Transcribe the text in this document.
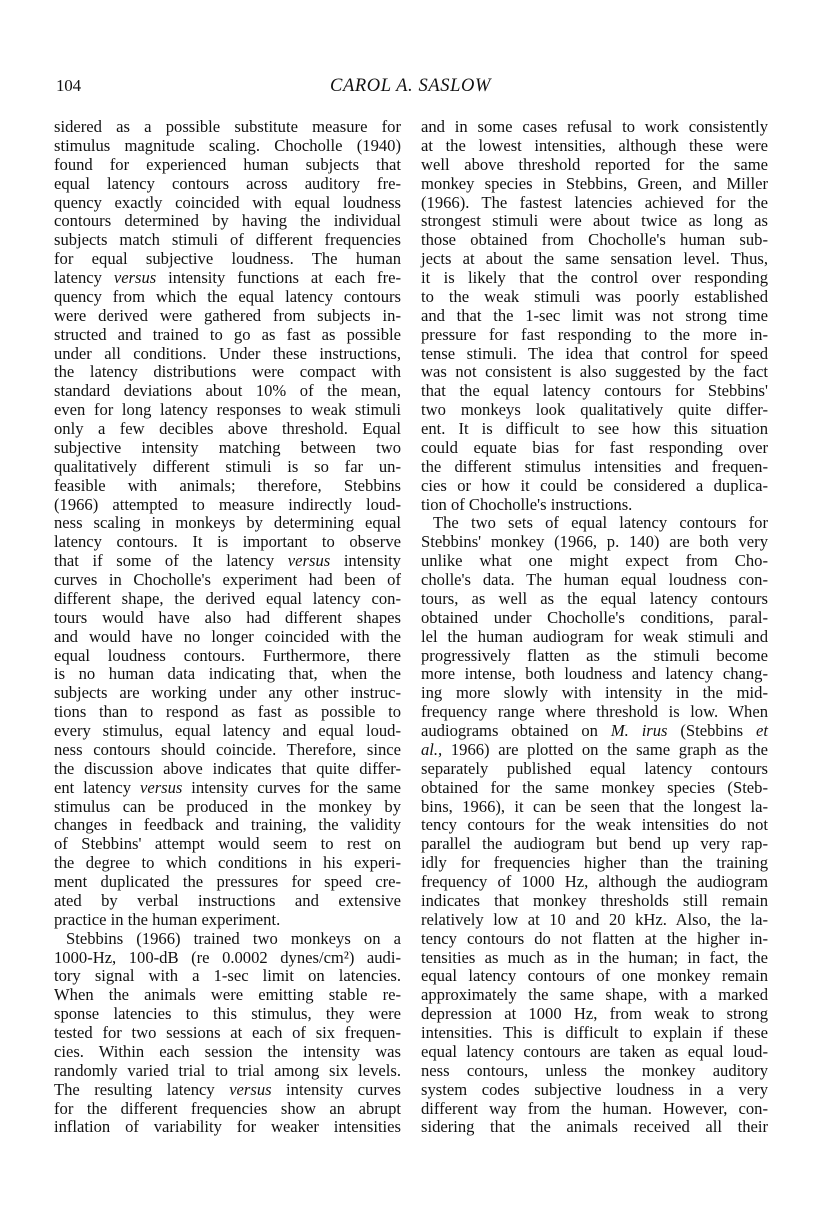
104	CAROL A. SASLOW
sidered as a possible substitute measure for
stimulus magnitude scaling. Chocholle (1940)
found for experienced human subjects that
equal latency contours across auditory fre-
quency exactly coincided with equal loudness
contours determined by having the individual
subjects match stimuli of different frequencies
for equal subjective loudness. The human
latency versus intensity functions at each fre-
quency from which the equal latency contours
were derived were gathered from subjects in-
structed and trained to go as fast as possible
under all conditions. Under these instructions,
the latency distributions were compact with
standard deviations about 10% of the mean,
even for long latency responses to weak stimuli
only a few decibles above threshold. Equal
subjective intensity matching between two
qualitatively different stimuli is so far un-
feasible with animals; therefore, Stebbins
(1966) attempted to measure indirectly loud-
ness scaling in monkeys by determining equal
latency contours. It is important to observe
that if some of the latency versus intensity
curves in Chocholle's experiment had been of
different shape, the derived equal latency con-
tours would have also had different shapes
and would have no longer coincided with the
equal loudness contours. Furthermore, there
is no human data indicating that, when the
subjects are working under any other instruc-
tions than to respond as fast as possible to
every stimulus, equal latency and equal loud-
ness contours should coincide. Therefore, since
the discussion above indicates that quite differ-
ent latency versus intensity curves for the same
stimulus can be produced in the monkey by
changes in feedback and training, the validity
of Stebbins' attempt would seem to rest on
the degree to which conditions in his experi-
ment duplicated the pressures for speed cre-
ated by verbal instructions and extensive
practice in the human experiment.
Stebbins (1966) trained two monkeys on a
1000-Hz, 100-dB (re 0.0002 dynes/cm²) audi-
tory signal with a 1-sec limit on latencies.
When the animals were emitting stable re-
sponse latencies to this stimulus, they were
tested for two sessions at each of six frequen-
cies. Within each session the intensity was
randomly varied trial to trial among six levels.
The resulting latency versus intensity curves
for the different frequencies show an abrupt
inflation of variability for weaker intensities
and in some cases refusal to work consistently
at the lowest intensities, although these were
well above threshold reported for the same
monkey species in Stebbins, Green, and Miller
(1966). The fastest latencies achieved for the
strongest stimuli were about twice as long as
those obtained from Chocholle's human sub-
jects at about the same sensation level. Thus,
it is likely that the control over responding
to the weak stimuli was poorly established
and that the 1-sec limit was not strong time
pressure for fast responding to the more in-
tense stimuli. The idea that control for speed
was not consistent is also suggested by the fact
that the equal latency contours for Stebbins'
two monkeys look qualitatively quite differ-
ent. It is difficult to see how this situation
could equate bias for fast responding over
the different stimulus intensities and frequen-
cies or how it could be considered a duplica-
tion of Chocholle's instructions.
The two sets of equal latency contours for
Stebbins' monkey (1966, p. 140) are both very
unlike what one might expect from Cho-
cholle's data. The human equal loudness con-
tours, as well as the equal latency contours
obtained under Chocholle's conditions, paral-
lel the human audiogram for weak stimuli and
progressively flatten as the stimuli become
more intense, both loudness and latency chang-
ing more slowly with intensity in the mid-
frequency range where threshold is low. When
audiograms obtained on M. irus (Stebbins et
al., 1966) are plotted on the same graph as the
separately published equal latency contours
obtained for the same monkey species (Steb-
bins, 1966), it can be seen that the longest la-
tency contours for the weak intensities do not
parallel the audiogram but bend up very rap-
idly for frequencies higher than the training
frequency of 1000 Hz, although the audiogram
indicates that monkey thresholds still remain
relatively low at 10 and 20 kHz. Also, the la-
tency contours do not flatten at the higher in-
tensities as much as in the human; in fact, the
equal latency contours of one monkey remain
approximately the same shape, with a marked
depression at 1000 Hz, from weak to strong
intensities. This is difficult to explain if these
equal latency contours are taken as equal loud-
ness contours, unless the monkey auditory
system codes subjective loudness in a very
different way from the human. However, con-
sidering that the animals received all their
